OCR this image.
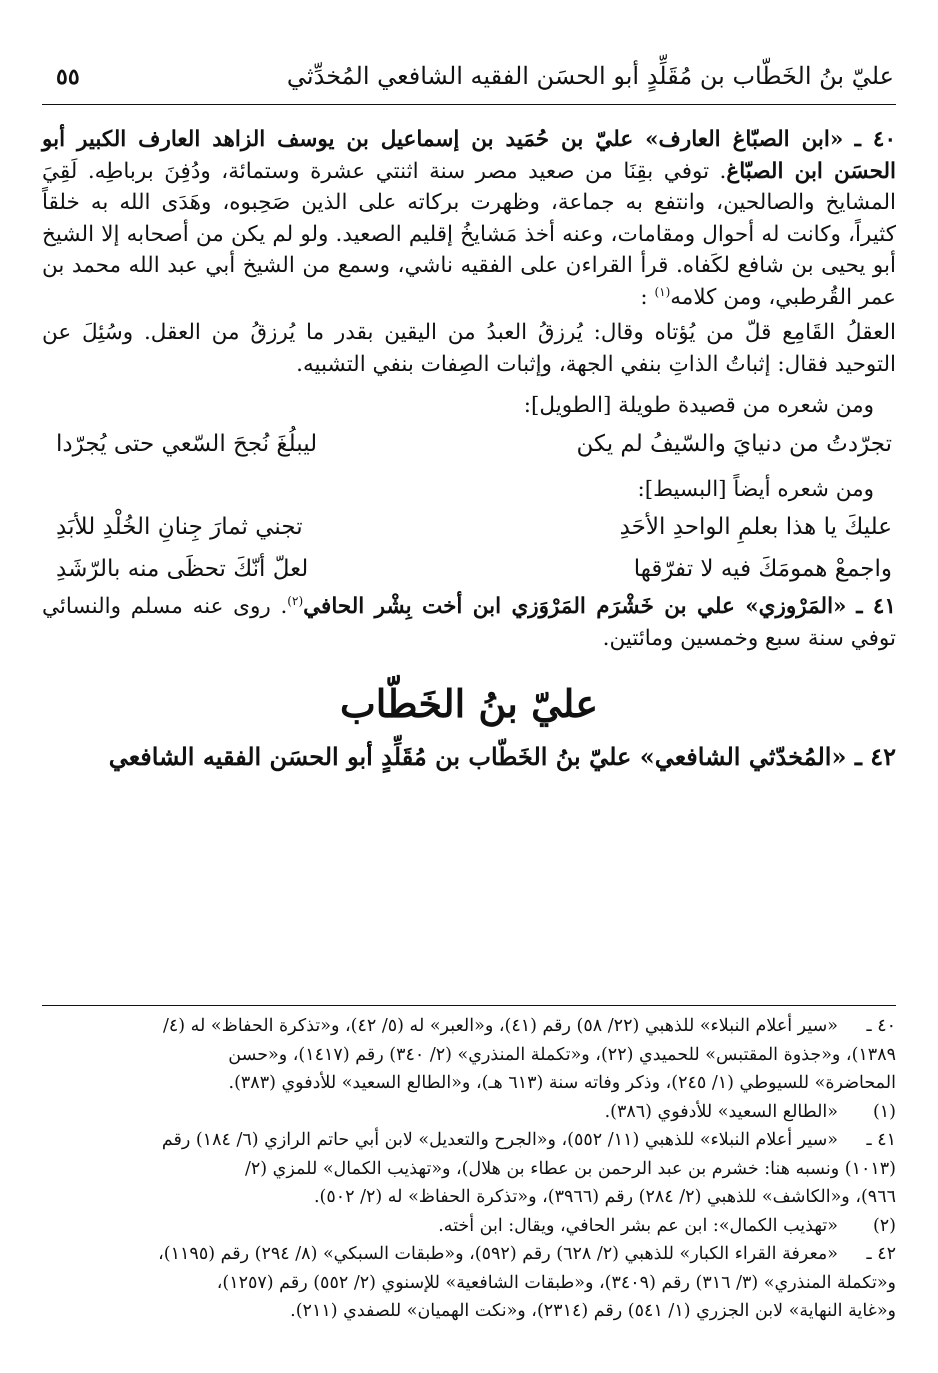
عليّ بنُ الخَطّاب بن مُقَلِّدٍ أبو الحسَن الفقيه الشافعي المُخدِّثي
٥٥

٤٠ ـ «ابن الصبّاغ العارف» عليّ بن حُمَيد بن إسماعيل بن يوسف الزاهد العارف الكبير أبو الحسَن ابن الصبّاغ. توفي بقِنَا من صعيد مصر سنة اثنتي عشرة وستمائة، ودُفِنَ برباطِه. لَقِيَ المشايخ والصالحين، وانتفع به جماعة، وظهرت بركاته على الذين صَحِبوه، وهَدَى الله به خلقاً كثيراً، وكانت له أحوال ومقامات، وعنه أخذ مَشايخُ إقليم الصعيد. ولو لم يكن من أصحابه إلا الشيخ أبو يحيى بن شافع لكَفاه. قرأ القراءن على الفقيه ناشي، وسمع من الشيخ أبي عبد الله محمد بن عمر القُرطبي، ومن كلامه$^{(١)}$ :

العقلُ القَامِع قلّ من يُؤتاه وقال: يُرزقُ العبدُ من اليقين بقدر ما يُرزقُ من العقل. وسُئِلَ عن التوحيد فقال: إثباتُ الذاتِ بنفي الجهة، وإثبات الصِفات بنفي التشبيه.

ومن شعره من قصيدة طويلة [الطويل]:

تجرّدتُ من دنيايَ والسّيفُ لم يكن
ليبلُغَ نُجحَ السّعي حتى يُجرّدا

ومن شعره أيضاً [البسيط]:

عليكَ يا هذا بعلمِ الواحدِ الأحَدِ
تجني ثمارَ جِنانِ الخُلْدِ للأبَدِ
واجمعْ همومَكَ فيه لا تفرّقها
لعلّ أنّكَ تحظَى منه بالرّشَدِ

٤١ ـ «المَرْوزي» علي بن خَشْرَم المَرْوَزي ابن أخت بِشْر الحافي$^{(٢)}$. روى عنه مسلم والنسائي توفي سنة سبع وخمسين ومائتين.

عليّ بنُ الخَطّاب

٤٢ ـ «المُخدّثي الشافعي» عليّ بنُ الخَطّاب بن مُقَلِّدٍ أبو الحسَن الفقيه الشافعي

٤٠ ـ
«سير أعلام النبلاء» للذهبي (٢٢/ ٥٨) رقم (٤١)، و«العبر» له (٥/ ٤٢)، و«تذكرة الحفاظ» له (٤/
١٣٨٩)، و«جذوة المقتبس» للحميدي (٢٢)، و«تكملة المنذري» (٢/ ٣٤٠) رقم (١٤١٧)، و«حسن
المحاضرة» للسيوطي (١/ ٢٤٥)، وذكر وفاته سنة (٦١٣ هـ)، و«الطالع السعيد» للأدفوي (٣٨٣).
(١)
«الطالع السعيد» للأدفوي (٣٨٦).
٤١ ـ
«سير أعلام النبلاء» للذهبي (١١/ ٥٥٢)، و«الجرح والتعديل» لابن أبي حاتم الرازي (٦/ ١٨٤) رقم
(١٠١٣) ونسبه هنا: خشرم بن عبد الرحمن بن عطاء بن هلال)، و«تهذيب الكمال» للمزي (٢/
٩٦٦)، و«الكاشف» للذهبي (٢/ ٢٨٤) رقم (٣٩٦٦)، و«تذكرة الحفاظ» له (٢/ ٥٠٢).
(٢)
«تهذيب الكمال»: ابن عم بشر الحافي، ويقال: ابن أخته.
٤٢ ـ
«معرفة القراء الكبار» للذهبي (٢/ ٦٢٨) رقم (٥٩٢)، و«طبقات السبكي» (٨/ ٢٩٤) رقم (١١٩٥)،
و«تكملة المنذري» (٣/ ٣١٦) رقم (٣٤٠٩)، و«طبقات الشافعية» للإسنوي (٢/ ٥٥٢) رقم (١٢٥٧)،
و«غاية النهاية» لابن الجزري (١/ ٥٤١) رقم (٢٣١٤)، و«نكت الهميان» للصفدي (٢١١).
